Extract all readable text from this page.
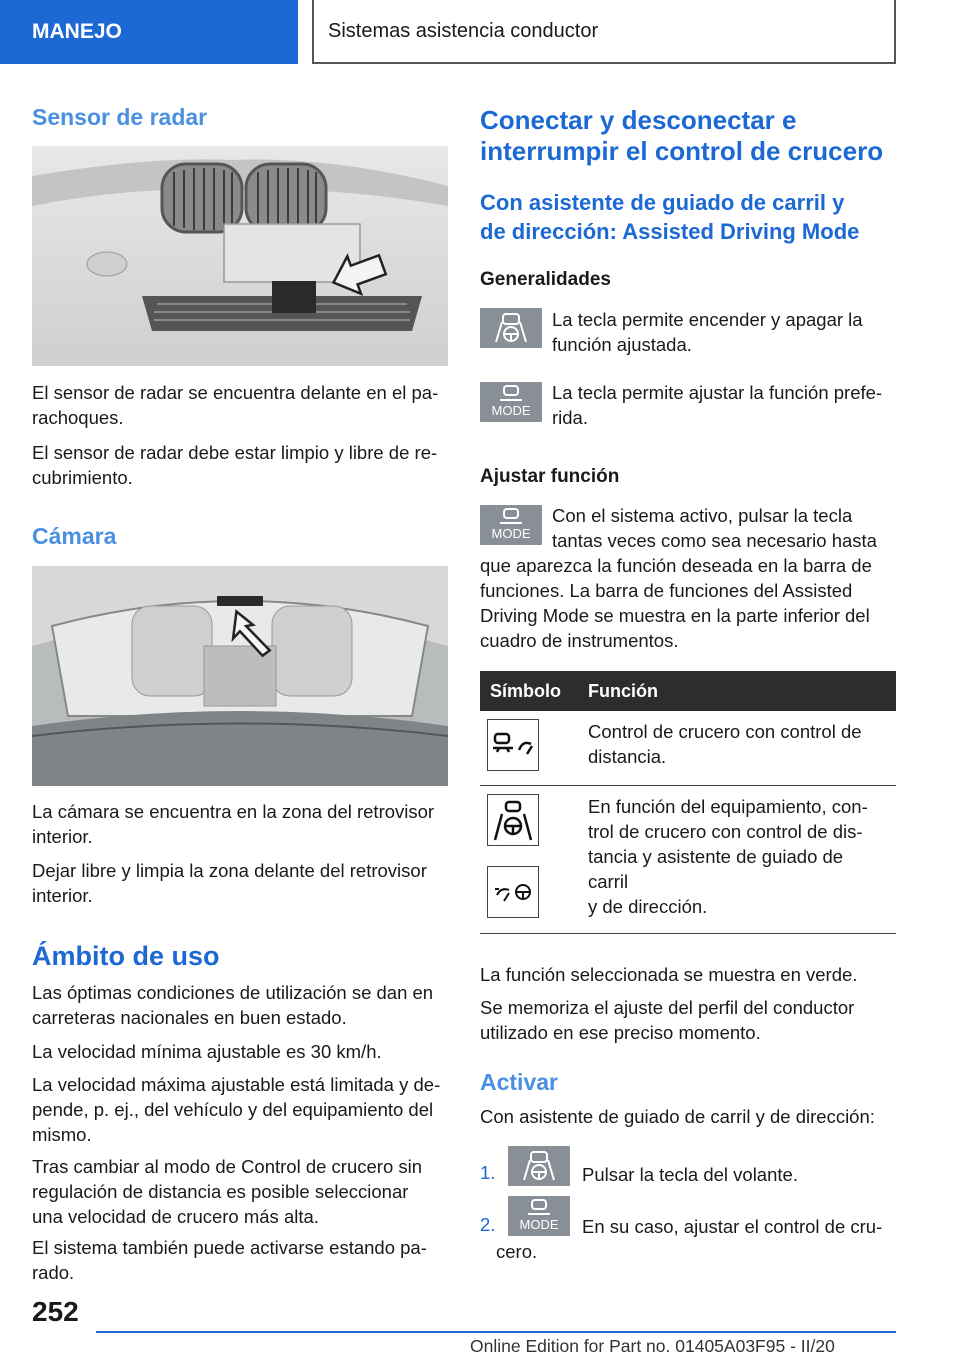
MANEJO	Sistemas asistencia conductor
Sensor de radar

El sensor de radar se encuentra delante en el pa-
rachoques.

El sensor de radar debe estar limpio y libre de re-
cubrimiento.

Cámara

La cámara se encuentra en la zona del retrovisor
interior.

Dejar libre y limpia la zona delante del retrovisor
interior.

Ámbito de uso

Las óptimas condiciones de utilización se dan en
carreteras nacionales en buen estado.

La velocidad mínima ajustable es 30 km/h.

La velocidad máxima ajustable está limitada y de-
pende, p. ej., del vehículo y del equipamiento del
mismo.

Tras cambiar al modo de Control de crucero sin
regulación de distancia es posible seleccionar
una velocidad de crucero más alta.

El sistema también puede activarse estando pa-
rado.

Conectar y desconectar e
interrumpir el control de crucero
Con asistente de guiado de carril y
de dirección: Assisted Driving Mode
Generalidades

La tecla permite encender y apagar la
función ajustada.

MODE

La tecla permite ajustar la función prefe-
rida.

Ajustar función
MODE

Con el sistema activo, pulsar la tecla
tantas veces como sea necesario hasta

que aparezca la función deseada en la barra de
funciones. La barra de funciones del Assisted
Driving Mode se muestra en la parte inferior del
cuadro de instrumentos.

Símbolo	Función

	Control de crucero con control de
distancia.

	En función del equipamiento, con-
trol de crucero con control de dis-
tancia y asistente de guiado de carril
y de dirección.

La función seleccionada se muestra en verde.

Se memoriza el ajuste del perfil del conductor
utilizado en ese preciso momento.

Activar

Con asistente de guiado de carril y de dirección:

1.	Pulsar la tecla del volante.

2. MODE En su caso, ajustar el control de cru-

cero.

252
Online Edition for Part no. 01405A03F95 - II/20
